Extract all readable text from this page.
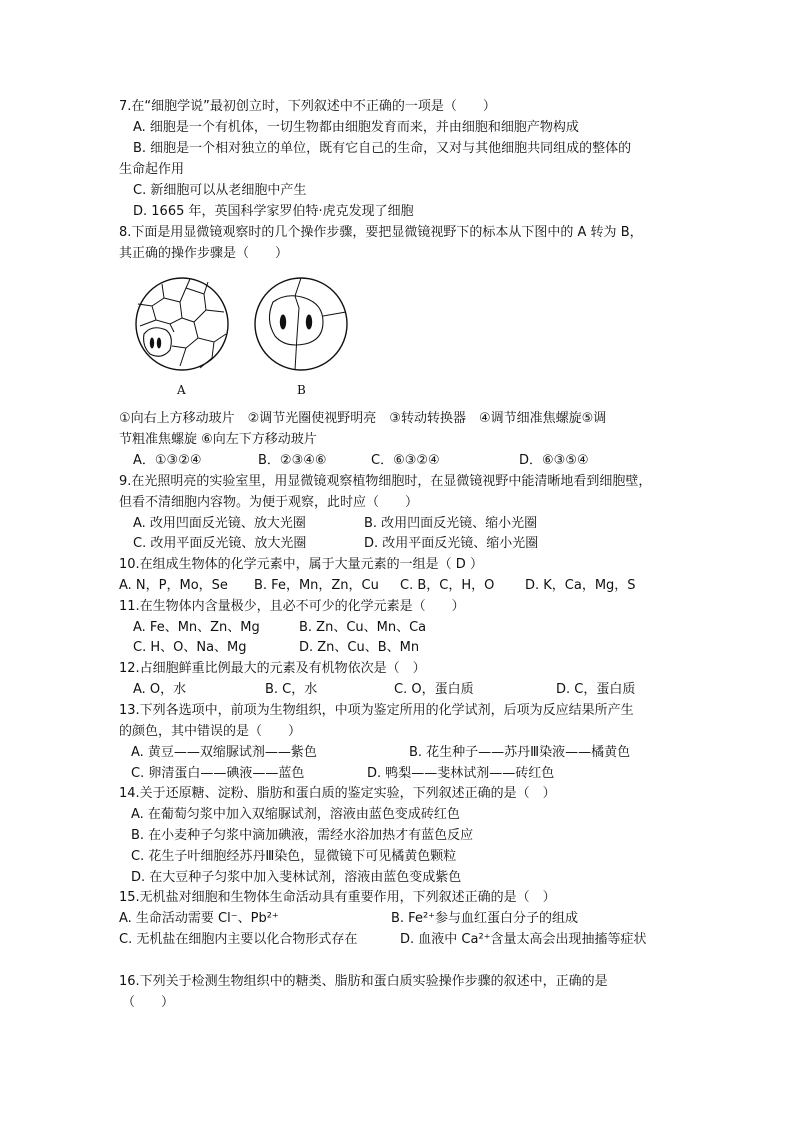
7.在“细胞学说”最初创立时，下列叙述中不正确的一项是（　　）
A. 细胞是一个有机体，一切生物都由细胞发育而来，并由细胞和细胞产物构成
B. 细胞是一个相对独立的单位，既有它自己的生命，又对与其他细胞共同组成的整体的
生命起作用
C. 新细胞可以从老细胞中产生
D. 1665 年，英国科学家罗伯特·虎克发现了细胞
8.下面是用显微镜观察时的几个操作步骤，要把显微镜视野下的标本从下图中的 A 转为 B，
其正确的操作步骤是（　　）
A	B
①向右上方移动玻片　②调节光圈使视野明亮　③转动转换器　④调节细准焦螺旋⑤调
节粗准焦螺旋 ⑥向左下方移动玻片
A．①③②④	B．②③④⑥	C．⑥③②④	D．⑥③⑤④
9.在光照明亮的实验室里，用显微镜观察植物细胞时，在显微镜视野中能清晰地看到细胞壁，
但看不清细胞内容物。为便于观察，此时应（　　）
A. 改用凹面反光镜、放大光圈	B. 改用凹面反光镜、缩小光圈
C. 改用平面反光镜、放大光圈	D. 改用平面反光镜、缩小光圈
10.在组成生物体的化学元素中，属于大量元素的一组是（ D ）
A. N，P，Mo，Se B. Fe，Mn，Zn，Cu C. B，C，H，O D. K，Ca，Mg，S
11.在生物体内含量极少，且必不可少的化学元素是（　　）
A. Fe、Mn、Zn、Mg	B. Zn、Cu、Mn、Ca
C. H、O、Na、Mg	D. Zn、Cu、B、Mn
12.占细胞鲜重比例最大的元素及有机物依次是（　）
A. O，水	B. C，水	C. O，蛋白质	D. C，蛋白质
13.下列各选项中，前项为生物组织，中项为鉴定所用的化学试剂，后项为反应结果所产生
的颜色，其中错误的是（　　）
A. 黄豆——双缩脲试剂——紫色	B. 花生种子——苏丹Ⅲ染液——橘黄色
C. 卵清蛋白——碘液——蓝色	D. 鸭梨——斐林试剂——砖红色
14.关于还原糖、淀粉、脂肪和蛋白质的鉴定实验，下列叙述正确的是（　）
A. 在葡萄匀浆中加入双缩脲试剂，溶液由蓝色变成砖红色
B. 在小麦种子匀浆中滴加碘液，需经水浴加热才有蓝色反应
C. 花生子叶细胞经苏丹Ⅲ染色，显微镜下可见橘黄色颗粒
D. 在大豆种子匀浆中加入斐林试剂，溶液由蓝色变成紫色
15.无机盐对细胞和生物体生命活动具有重要作用，下列叙述正确的是（　）
A. 生命活动需要 Cl⁻、Pb²⁺	B. Fe²⁺参与血红蛋白分子的组成
C. 无机盐在细胞内主要以化合物形式存在	D. 血液中 Ca²⁺含量太高会出现抽搐等症状
16.下列关于检测生物组织中的糖类、脂肪和蛋白质实验操作步骤的叙述中，正确的是
（　　）
